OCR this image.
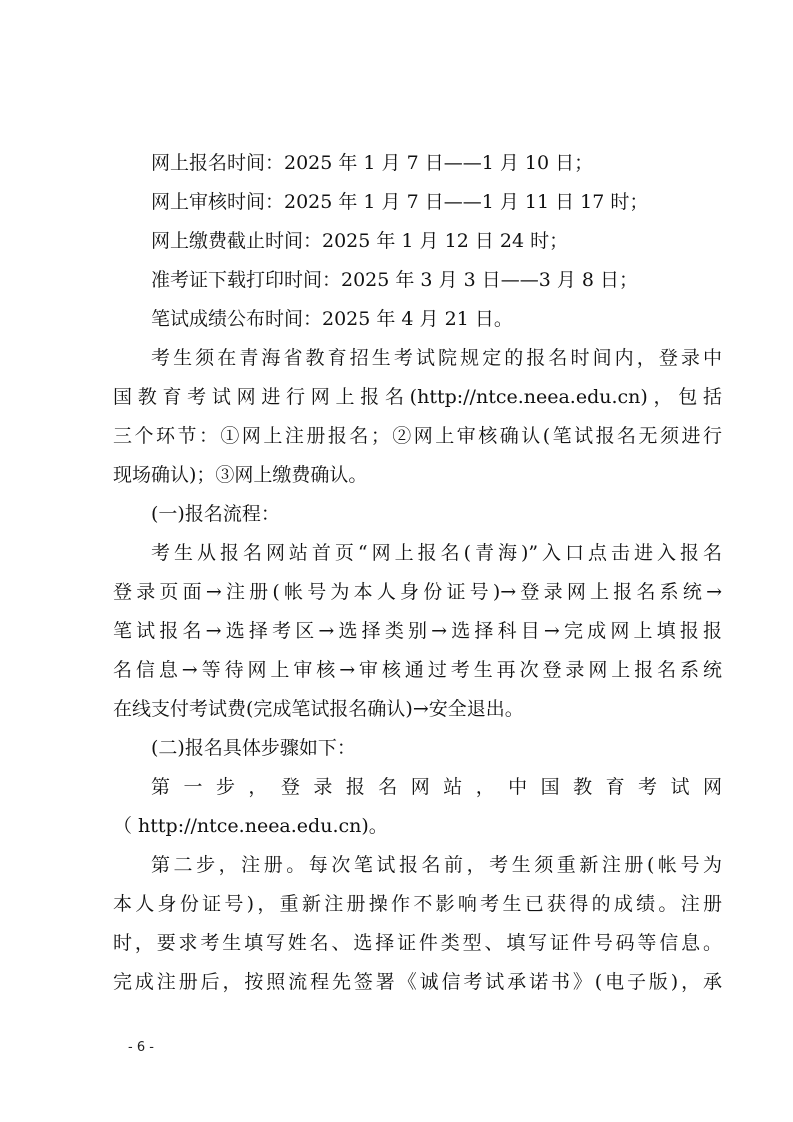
网上报名时间：2025 年 1 月 7 日——1 月 10 日；
网上审核时间：2025 年 1 月 7 日——1 月 11 日 17 时；
网上缴费截止时间：2025 年 1 月 12 日 24 时；
准考证下载打印时间：2025 年 3 月 3 日——3 月 8 日；
笔试成绩公布时间：2025 年 4 月 21 日。
考生须在青海省教育招生考试院规定的报名时间内，登录中
国教育考试网进行网上报名(http://ntce.neea.edu.cn)，包括
三个环节：①网上注册报名；②网上审核确认(笔试报名无须进行
现场确认)；③网上缴费确认。
(一)报名流程：
考生从报名网站首页“网上报名(青海)”入口点击进入报名
登录页面→注册(帐号为本人身份证号)→登录网上报名系统→
笔试报名→选择考区→选择类别→选择科目→完成网上填报报
名信息→等待网上审核→审核通过考生再次登录网上报名系统
在线支付考试费(完成笔试报名确认)→安全退出。
(二)报名具体步骤如下：
第 一 步 ， 登 录 报 名 网 站 ， 中 国 教 育 考 试 网
（ http://ntce.neea.edu.cn)。
第二步，注册。每次笔试报名前，考生须重新注册(帐号为
本人身份证号)，重新注册操作不影响考生已获得的成绩。注册
时，要求考生填写姓名、选择证件类型、填写证件号码等信息。
完成注册后，按照流程先签署《诚信考试承诺书》(电子版)，承
- 6 -
